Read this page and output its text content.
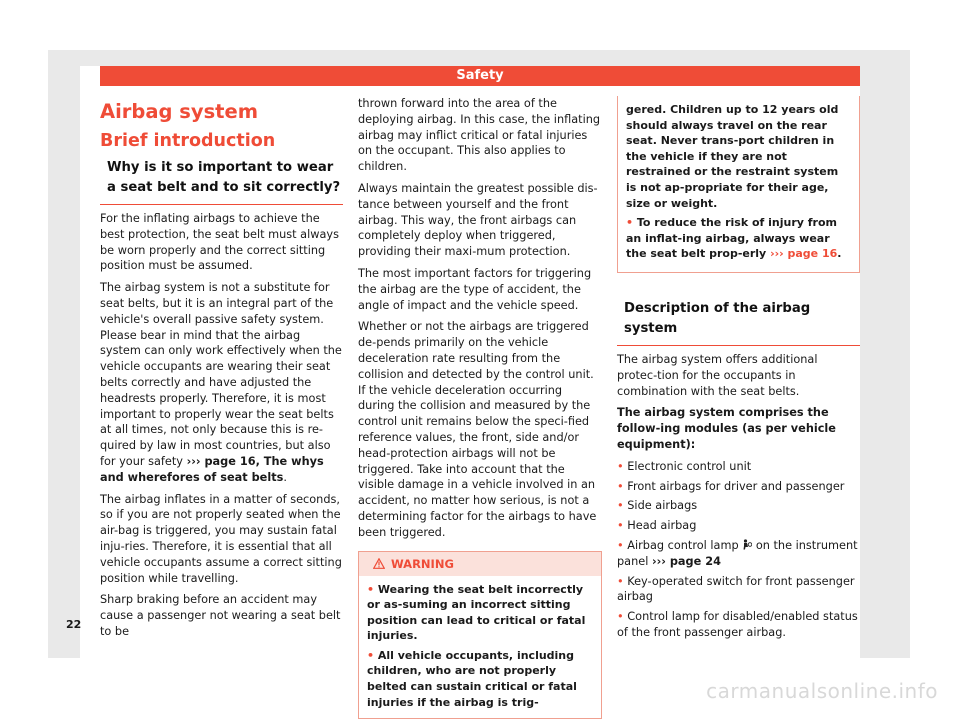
Safety

Airbag system

Brief introduction

Why is it so important to wear a seat belt and to sit correctly?

For the inflating airbags to achieve the best protection, the seat belt must always be worn properly and the correct sitting position must be assumed.

The airbag system is not a substitute for seat belts, but it is an integral part of the vehicle's overall passive safety system. Please bear in mind that the airbag system can only work effectively when the vehicle occupants are wearing their seat belts correctly and have adjusted the headrests properly. Therefore, it is most important to properly wear the seat belts at all times, not only because this is re-quired by law in most countries, but also for your safety ››› page 16, The whys and wherefores of seat belts.

The airbag inflates in a matter of seconds, so if you are not properly seated when the air-bag is triggered, you may sustain fatal inju-ries. Therefore, it is essential that all vehicle occupants assume a correct sitting position while travelling.

Sharp braking before an accident may cause a passenger not wearing a seat belt to be

thrown forward into the area of the deploying airbag. In this case, the inflating airbag may inflict critical or fatal injuries on the occupant. This also applies to children.

Always maintain the greatest possible dis-tance between yourself and the front airbag. This way, the front airbags can completely deploy when triggered, providing their maxi-mum protection.

The most important factors for triggering the airbag are the type of accident, the angle of impact and the vehicle speed.

Whether or not the airbags are triggered de-pends primarily on the vehicle deceleration rate resulting from the collision and detected by the control unit. If the vehicle deceleration occurring during the collision and measured by the control unit remains below the speci-fied reference values, the front, side and/or head-protection airbags will not be triggered. Take into account that the visible damage in a vehicle involved in an accident, no matter how serious, is not a determining factor for the airbags to have been triggered.

WARNING

• Wearing the seat belt incorrectly or as-suming an incorrect sitting position can lead to critical or fatal injuries.

• All vehicle occupants, including children, who are not properly belted can sustain critical or fatal injuries if the airbag is trig-

gered. Children up to 12 years old should always travel on the rear seat. Never trans-port children in the vehicle if they are not restrained or the restraint system is not ap-propriate for their age, size or weight.

• To reduce the risk of injury from an inflat-ing airbag, always wear the seat belt prop-erly ››› page 16.

Description of the airbag system

The airbag system offers additional protec-tion for the occupants in combination with the seat belts.

The airbag system comprises the follow-ing modules (as per vehicle equipment):

• Electronic control unit
• Front airbags for driver and passenger
• Side airbags
• Head airbag
• Airbag control lamp on the instrument panel ››› page 24
• Key-operated switch for front passenger airbag
• Control lamp for disabled/enabled status of the front passenger airbag.
22
carmanualsonline.info
